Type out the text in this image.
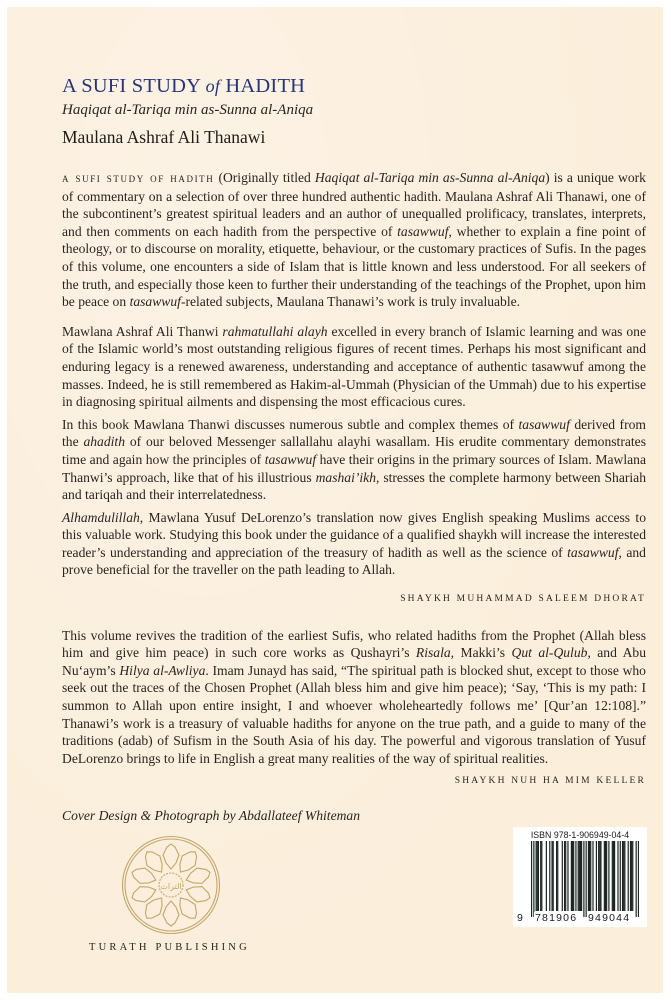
A SUFI STUDY of HADITH

Haqiqat al-Tariqa min as-Sunna al-Aniqa

Maulana Ashraf Ali Thanawi

a sufi study of hadith (Originally titled Haqiqat al-Tariqa min as-Sunna al-Aniqa) is a unique work of commentary on a selection of over three hundred authentic hadith. Maulana Ashraf Ali Thanawi, one of the subcontinent’s greatest spiritual leaders and an author of unequalled prolificacy, translates, interprets, and then comments on each hadith from the perspective of tasawwuf, whether to explain a fine point of theology, or to discourse on morality, etiquette, behaviour, or the customary practices of Sufis. In the pages of this volume, one encounters a side of Islam that is little known and less understood. For all seekers of the truth, and especially those keen to further their understanding of the teachings of the Prophet, upon him be peace on tasawwuf-related subjects, Maulana Thanawi’s work is truly invaluable.

Mawlana Ashraf Ali Thanwi rahmatullahi alayh excelled in every branch of Islamic learning and was one of the Islamic world’s most outstanding religious figures of recent times. Perhaps his most significant and enduring legacy is a renewed awareness, understanding and acceptance of authentic tasawwuf among the masses. Indeed, he is still remembered as Hakim-al-Ummah (Physician of the Ummah) due to his expertise in diagnosing spiritual ailments and dispensing the most efficacious cures.

In this book Mawlana Thanwi discusses numerous subtle and complex themes of tasawwuf derived from the ahadith of our beloved Messenger sallallahu alayhi wasallam. His erudite commentary demonstrates time and again how the principles of tasawwuf have their origins in the primary sources of Islam. Mawlana Thanwi’s approach, like that of his illustrious mashai’ikh, stresses the complete harmony between Shariah and tariqah and their interrelatedness.

Alhamdulillah, Mawlana Yusuf DeLorenzo’s translation now gives English speaking Muslims access to this valuable work. Studying this book under the guidance of a qualified shaykh will increase the interested reader’s understanding and appreciation of the treasury of hadith as well as the science of tasawwuf, and prove beneficial for the traveller on the path leading to Allah.

SHAYKH MUHAMMAD SALEEM DHORAT

This volume revives the tradition of the earliest Sufis, who related hadiths from the Prophet (Allah bless him and give him peace) in such core works as Qushayri’s Risala, Makki’s Qut al-Qulub, and Abu Nu‘aym’s Hilya al-Awliya. Imam Junayd has said, “The spiritual path is blocked shut, except to those who seek out the traces of the Chosen Prophet (Allah bless him and give him peace); ‘Say, ‘This is my path: I summon to Allah upon entire insight, I and whoever wholeheartedly follows me’ [Qur’an 12:108].” Thanawi’s work is a treasury of valuable hadiths for anyone on the true path, and a guide to many of the traditions (adab) of Sufism in the South Asia of his day. The powerful and vigorous translation of Yusuf DeLorenzo brings to life in English a great many realities of the way of spiritual realities.

SHAYKH NUH HA MIM KELLER

Cover Design & Photograph by Abdallateef Whiteman

التراث

TURATH PUBLISHING

ISBN 978-1-906949-04-4
9 781906 949044
